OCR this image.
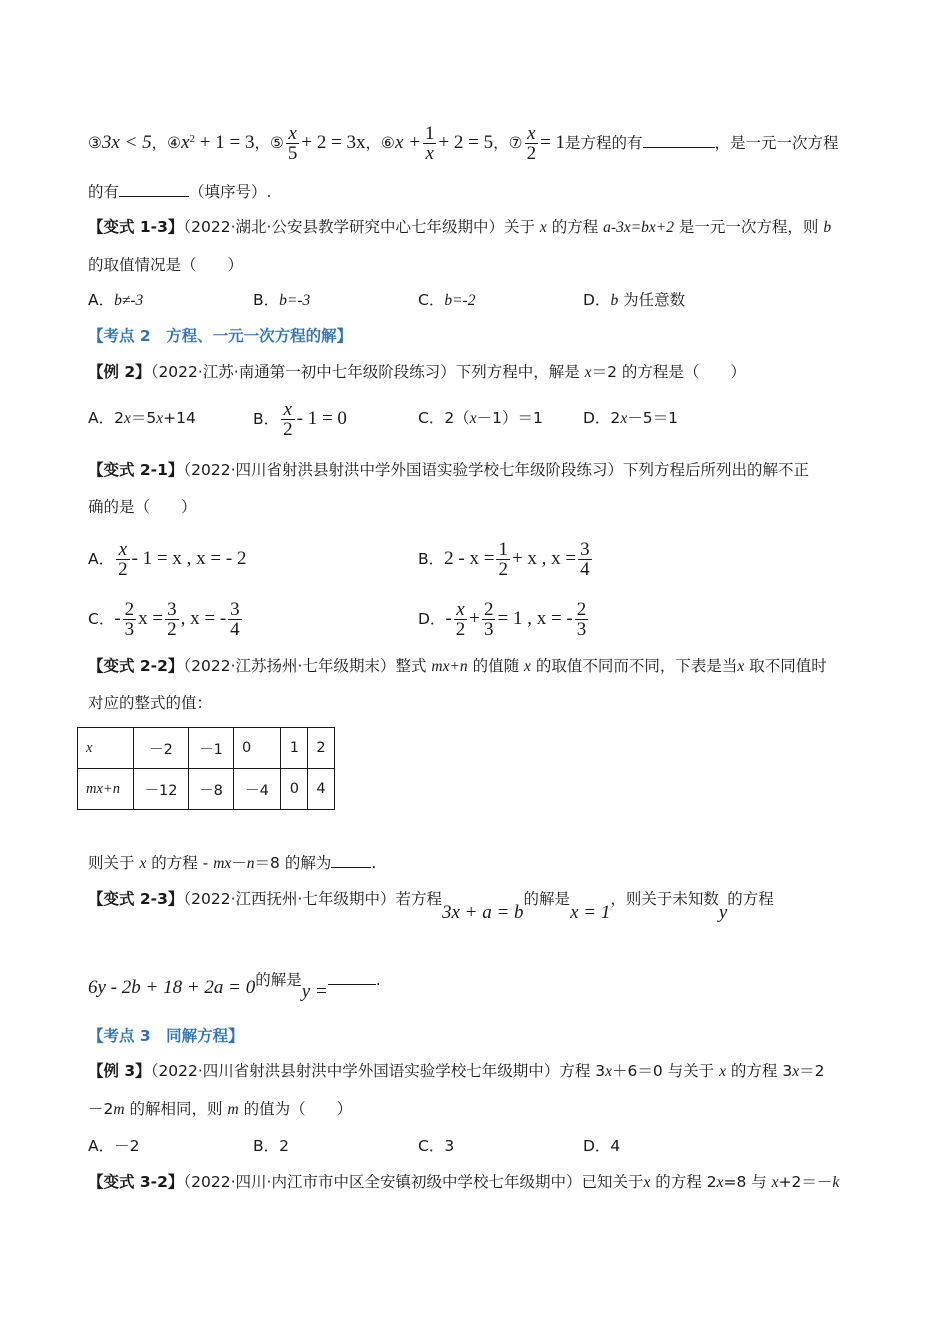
③3x < 5，$④x^2 + 1 = 3$，⑤ $\frac{x}{5} + 2 = 3x$，⑥x + $\frac{1}{x} + 2 = 5$，⑦ $\frac{x}{2} = 1$是方程的有	，是一元一次方程
的有	（填序号）.
【变式 1-3】（2022·湖北·公安县教学研究中心七年级期中）关于 x 的方程 a-3x=bx+2 是一元一次方程，则 b
的取值情况是（　　）
A．b≠-3	B．b=-3	C．b=-2	D．b 为任意数
【考点 2　方程、一元一次方程的解】
【例 2】（2022·江苏·南通第一初中七年级阶段练习）下列方程中，解是 x＝2 的方程是（　　）
A．2x＝5x+14	B． $\frac{x}{2} - 1 = 0$	C．2（x－1）＝1	D．2x－5＝1
【变式 2-1】（2022·四川省射洪县射洪中学外国语实验学校七年级阶段练习）下列方程后所列出的解不正
确的是（　　）
A． $\frac{x}{2} - 1 = x$ , x = - 2	B．$2 - x = \frac{1}{2} + x$ , $x = \frac{3}{4}$
C．- $\frac{2}{3}$ $x = \frac{3}{2}$ , x = - $\frac{3}{4}$	D．- $\frac{x}{2} + \frac{2}{3} = 1$ , x = - $\frac{2}{3}$
【变式 2-2】（2022·江苏扬州·七年级期末）整式 mx+n 的值随 x 的取值不同而不同，下表是当x 取不同值时
对应的整式的值：
x	－2	－1	0	1	2
mx+n	－12	－8	－4	0	4
则关于 x 的方程 - mx－n＝8 的解为	.
【变式 2-3】（2022·江西抚州·七年级期中）若方程3x + a = b的解是x = 1，则关于未知数y的方程
6y - 2b + 18 + 2a = 0的解是y =.
【考点 3　同解方程】
【例 3】（2022·四川省射洪县射洪中学外国语实验学校七年级期中）方程 3x＋6＝0 与关于 x 的方程 3x＝2
－2m 的解相同，则 m 的值为（　　）
A．－2	B．2	C．3	D．4
【变式 3-2】（2022·四川·内江市市中区全安镇初级中学校七年级期中）已知关于x 的方程 2x=8 与 x+2＝－k
